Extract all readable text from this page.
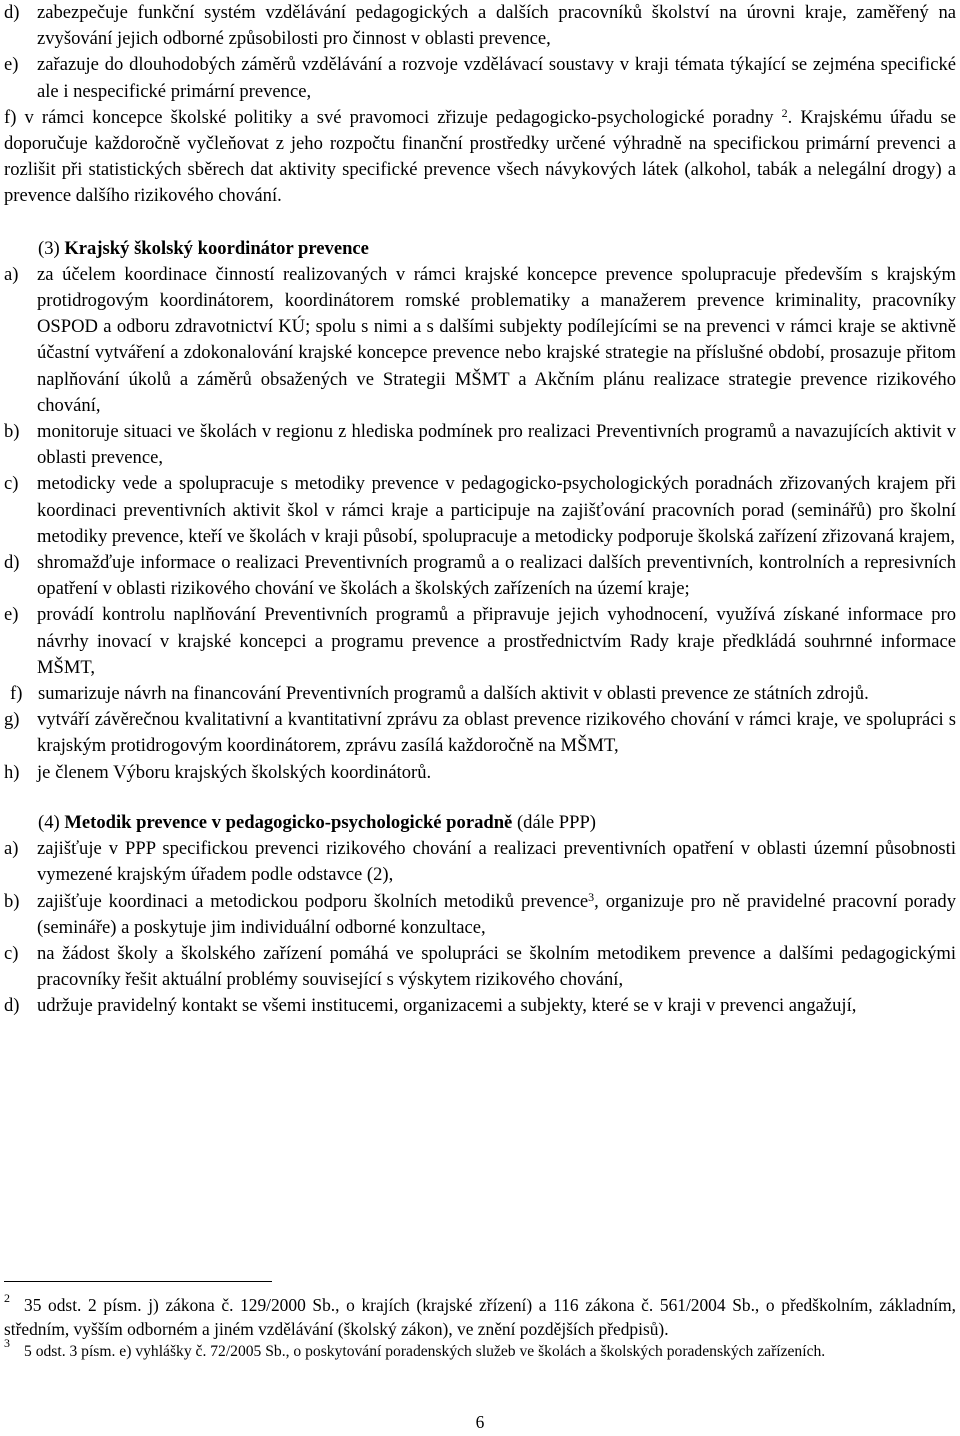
d) zabezpečuje funkční systém vzdělávání pedagogických a dalších pracovníků školství na úrovni kraje, zaměřený na zvyšování jejich odborné způsobilosti pro činnost v oblasti prevence,
e) zařazuje do dlouhodobých záměrů vzdělávání a rozvoje vzdělávací soustavy v kraji témata týkající se zejména specifické ale i nespecifické primární prevence,
f) v rámci koncepce školské politiky a své pravomoci zřizuje pedagogicko-psychologické poradny $^2$. Krajskému úřadu se doporučuje každoročně vyčleňovat z jeho rozpočtu finanční prostředky určené výhradně na specifickou primární prevenci a rozlišit při statistických sběrech dat aktivity specifické prevence všech návykových látek (alkohol, tabák a nelegální drogy) a prevence dalšího rizikového chování.
(3) Krajský školský koordinátor prevence
a) za účelem koordinace činností realizovaných v rámci krajské koncepce prevence spolupracuje především s krajským protidrogovým koordinátorem, koordinátorem romské problematiky a manažerem prevence kriminality, pracovníky OSPOD a odboru zdravotnictví KÚ; spolu s nimi a s dalšími subjekty podílejícími se na prevenci v rámci kraje se aktivně účastní vytváření a zdokonalování krajské koncepce prevence nebo krajské strategie na příslušné období, prosazuje přitom naplňování úkolů a záměrů obsažených ve Strategii MŠMT a Akčním plánu realizace strategie prevence rizikového chování,
b) monitoruje situaci ve školách v regionu z hlediska podmínek pro realizaci Preventivních programů a navazujících aktivit v oblasti prevence,
c) metodicky vede a spolupracuje s metodiky prevence v pedagogicko-psychologických poradnách zřizovaných krajem při koordinaci preventivních aktivit škol v rámci kraje a participuje na zajišťování pracovních porad (seminářů) pro školní metodiky prevence, kteří ve školách v kraji působí, spolupracuje a metodicky podporuje školská zařízení zřizovaná krajem,
d) shromažďuje informace o realizaci Preventivních programů a o realizaci dalších preventivních, kontrolních a represivních opatření v oblasti rizikového chování ve školách a školských zařízeních na území kraje;
e) provádí kontrolu naplňování Preventivních programů a připravuje jejich vyhodnocení, využívá získané informace pro návrhy inovací v krajské koncepci a programu prevence a prostřednictvím Rady kraje předkládá souhrnné informace MŠMT,
f) sumarizuje návrh na financování Preventivních programů a dalších aktivit v oblasti prevence ze státních zdrojů.
g) vytváří závěrečnou kvalitativní a kvantitativní zprávu za oblast prevence rizikového chování v rámci kraje, ve spolupráci s krajským protidrogovým koordinátorem, zprávu zasílá každoročně na MŠMT,
h) je členem Výboru krajských školských koordinátorů.
(4) Metodik prevence v pedagogicko-psychologické poradně (dále PPP)
a) zajišťuje v PPP specifickou prevenci rizikového chování a realizaci preventivních opatření v oblasti územní působnosti vymezené krajským úřadem podle odstavce (2),
b) zajišťuje koordinaci a metodickou podporu školních metodiků prevence$^3$, organizuje pro ně pravidelné pracovní porady (semináře) a poskytuje jim individuální odborné konzultace,
c) na žádost školy a školského zařízení pomáhá ve spolupráci se školním metodikem prevence a dalšími pedagogickými pracovníky řešit aktuální problémy související s výskytem rizikového chování,
d) udržuje pravidelný kontakt se všemi institucemi, organizacemi a subjekty, které se v kraji v prevenci angažují,
$^2$ 35 odst. 2 písm. j) zákona č. 129/2000 Sb., o krajích (krajské zřízení) a 116 zákona č. 561/2004 Sb., o předškolním, základním, středním, vyšším odborném a jiném vzdělávání (školský zákon), ve znění pozdějších předpisů).
$^3$ 5 odst. 3 písm. e) vyhlášky č. 72/2005 Sb., o poskytování poradenských služeb ve školách a školských poradenských zařízeních.
6
